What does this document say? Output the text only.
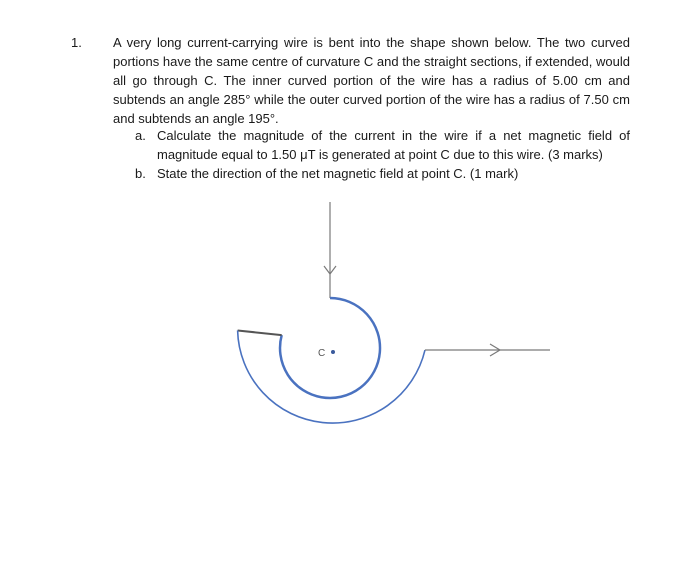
1. A very long current-carrying wire is bent into the shape shown below. The two curved portions have the same centre of curvature C and the straight sections, if extended, would all go through C. The inner curved portion of the wire has a radius of 5.00 cm and subtends an angle 285° while the outer curved portion of the wire has a radius of 7.50 cm and subtends an angle 195°.

a. Calculate the magnitude of the current in the wire if a net magnetic field of magnitude equal to 1.50 μT is generated at point C due to this wire. (3 marks)

b. State the direction of the net magnetic field at point C. (1 mark)

C
